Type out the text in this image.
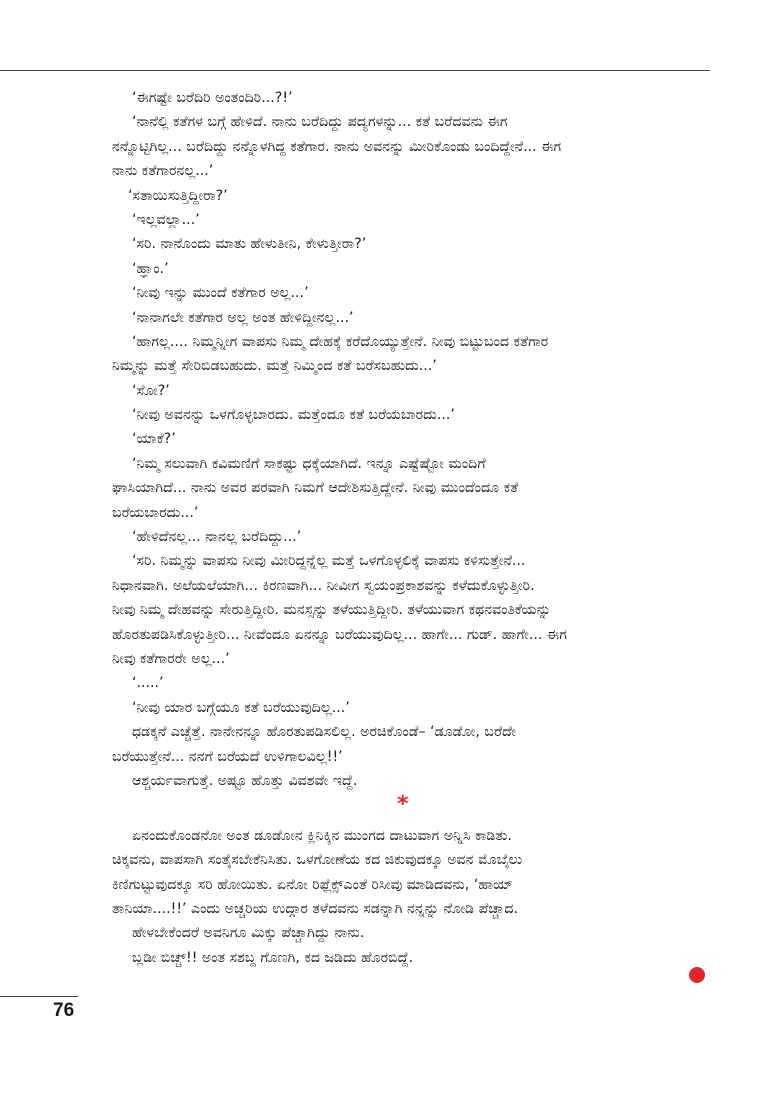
‘ಈಗಷ್ಟೇ ಬರೆದಿರಿ ಅಂತಂದಿರಿ...?!’
‘ನಾನೆಲ್ಲಿ ಕತೆಗಳ ಬಗ್ಗೆ ಹೇಳಿದೆ. ನಾನು ಬರೆದಿದ್ದು ಪದ್ಯಗಳನ್ನು... ಕತೆ ಬರೆದವನು ಈಗ
ನನ್ನೊಟ್ಟಿಗಿಲ್ಲ... ಬರೆದಿದ್ದು ನನ್ನೊಳಗಿದ್ದ ಕತೆಗಾರ. ನಾನು ಅವನನ್ನು ಮೀರಿಕೊಂಡು ಬಂದಿದ್ದೇನೆ... ಈಗ
ನಾನು ಕತೆಗಾರನಲ್ಲ...’
‘ಸತಾಯಿಸುತ್ತಿದ್ದೀರಾ?’
‘ಇಲ್ಲವಲ್ಲಾ...’
‘ಸರಿ. ನಾನೊಂದು ಮಾತು ಹೇಳುತೀನಿ, ಕೇಳುತ್ತೀರಾ?’
‘ಹ್ಞಾಂ.’
‘ನೀವು ಇನ್ನು ಮುಂದೆ ಕತೆಗಾರ ಅಲ್ಲ...’
‘ನಾನಾಗಲೇ ಕತೆಗಾರ ಅಲ್ಲ ಅಂತ ಹೇಳಿದ್ದೀನಲ್ಲ...’
‘ಹಾಗಲ್ಲ.... ನಿಮ್ಮನ್ನೀಗ ವಾಪಸು ನಿಮ್ಮ ದೇಹಕ್ಕೆ ಕರೆದೊಯ್ಯುತ್ತೇನೆ. ನೀವು ಬಿಟ್ಟುಬಂದ ಕತೆಗಾರ
ನಿಮ್ಮನ್ನು ಮತ್ತೆ ಸೇರಿಬಿಡಬಹುದು. ಮತ್ತೆ ನಿಮ್ಮಿಂದ ಕತೆ ಬರೆಸಬಹುದು...’
‘ಸೋ?’
‘ನೀವು ಅವನನ್ನು ಒಳಗೊಳ್ಳಬಾರದು. ಮತ್ತೆಂದೂ ಕತೆ ಬರೆಯಬಾರದು...’
‘ಯಾಕೆ?’
‘ನಿಮ್ಮ ಸಲುವಾಗಿ ಕವಿಮಣಿಗೆ ಸಾಕಷ್ಟು ಧಕ್ಕೆಯಾಗಿದೆ. ಇನ್ನೂ ಎಷ್ಟೆಷ್ಟೋ ಮಂದಿಗೆ
ಘಾಸಿಯಾಗಿದೆ... ನಾನು ಅವರ ಪರವಾಗಿ ನಿಮಗೆ ಆದೇಶಿಸುತ್ತಿದ್ದೇನೆ. ನೀವು ಮುಂದೆಂದೂ ಕತೆ
ಬರೆಯಬಾರದು...’
‘ಹೇಳಿದೆನಲ್ಲ... ನಾನಲ್ಲ ಬರೆದಿದ್ದು...’
‘ಸರಿ. ನಿಮ್ಮನ್ನು ವಾಪಸು ನೀವು ಮೀರಿದ್ದನ್ನೆಲ್ಲ ಮತ್ತೆ ಒಳಗೊಳ್ಳಲಿಕ್ಕೆ ವಾಪಸು ಕಳಿಸುತ್ತೇನೆ...
ನಿಧಾನವಾಗಿ. ಅಲೆಯಲೆಯಾಗಿ... ಕಿರಣವಾಗಿ... ನೀವೀಗ ಸ್ವಯಂಪ್ರಕಾಶವನ್ನು ಕಳೆದುಕೊಳ್ಳುತ್ತೀರಿ.
ನೀವು ನಿಮ್ಮ ದೇಹವನ್ನು ಸೇರುತ್ತಿದ್ದೀರಿ. ಮನಸ್ಸನ್ನು ತಳೆಯುತ್ತಿದ್ದೀರಿ. ತಳೆಯುವಾಗ ಕಥನವಂತಿಕೆಯನ್ನು
ಹೊರತುಪಡಿಸಿಕೊಳ್ಳುತ್ತೀರಿ... ನೀವೆಂದೂ ಏನನ್ನೂ ಬರೆಯುವುದಿಲ್ಲ... ಹಾಗೇ... ಗುಡ್. ಹಾಗೇ... ಈಗ
ನೀವು ಕತೆಗಾರರೇ ಅಲ್ಲ...’
‘.....’
‘ನೀವು ಯಾರ ಬಗ್ಗೆಯೂ ಕತೆ ಬರೆಯುವುದಿಲ್ಲ...’
ಧಡಕ್ಕನೆ ಎಚ್ಚೆತ್ತೆ. ನಾನೇನನ್ನೂ ಹೊರತುಪಡಿಸಲಿಲ್ಲ. ಅರಚಿಕೊಂಡೆ– ‘ಡೂಡೋ, ಬರೆದೇ
ಬರೆಯುತ್ತೇನೆ... ನನಗೆ ಬರೆಯದೆ ಉಳಿಗಾಲವಿಲ್ಲ!!’
ಆಶ್ಚರ್ಯವಾಗುತ್ತೆ. ಅಷ್ಟೂ ಹೊತ್ತು ವಿವಶವೇ ಇದ್ದೆ.
*
ಏನಂದುಕೊಂಡನೋ ಅಂತ ಡೂಡೋನ ಕ್ಲಿನಿಕ್ಕಿನ ಮುಂಗದ ದಾಟುವಾಗ ಅನ್ನಿಸಿ ಕಾಡಿತು.
ಚಿಕ್ಕವನು, ವಾಪಸಾಗಿ ಸಂತೈಸಬೇಕೆನಿಸಿತು. ಒಳಗೋಣೆಯ ಕದ ಜಿಕುವುದಕ್ಕೂ ಅವನ ಮೊಬೈಲು
ಕಿಣಿಗುಟ್ಟುವುದಕ್ಕೂ ಸರಿ ಹೋಯಿತು. ಏನೋ ರಿಫ್ಲೆಕ್ಸ್‌ಎಂತೆ ರಿಸೀವು ಮಾಡಿದವನು, ‘ಹಾಯ್
ತಾನಿಯಾ....!!’ ಎಂದು ಅಚ್ಚರಿಯ ಉದ್ಗಾರ ತಳೆದವನು ಸಡನ್ನಾಗಿ ನನ್ನನ್ನು ನೋಡಿ ಪೆಚ್ಚಾದ.
ಹೇಳಬೇಕೆಂದರೆ ಅವನಿಗೂ ಮಿಕ್ಕು ಪೆಚ್ಚಾಗಿದ್ದು ನಾನು.
ಬ್ಲಡೀ ಬಿಚ್ಚ್!! ಅಂತ ಸಶಬ್ದ ಗೊಣಗಿ, ಕದ ಜಡಿದು ಹೊರಬಿದ್ದೆ.
76
